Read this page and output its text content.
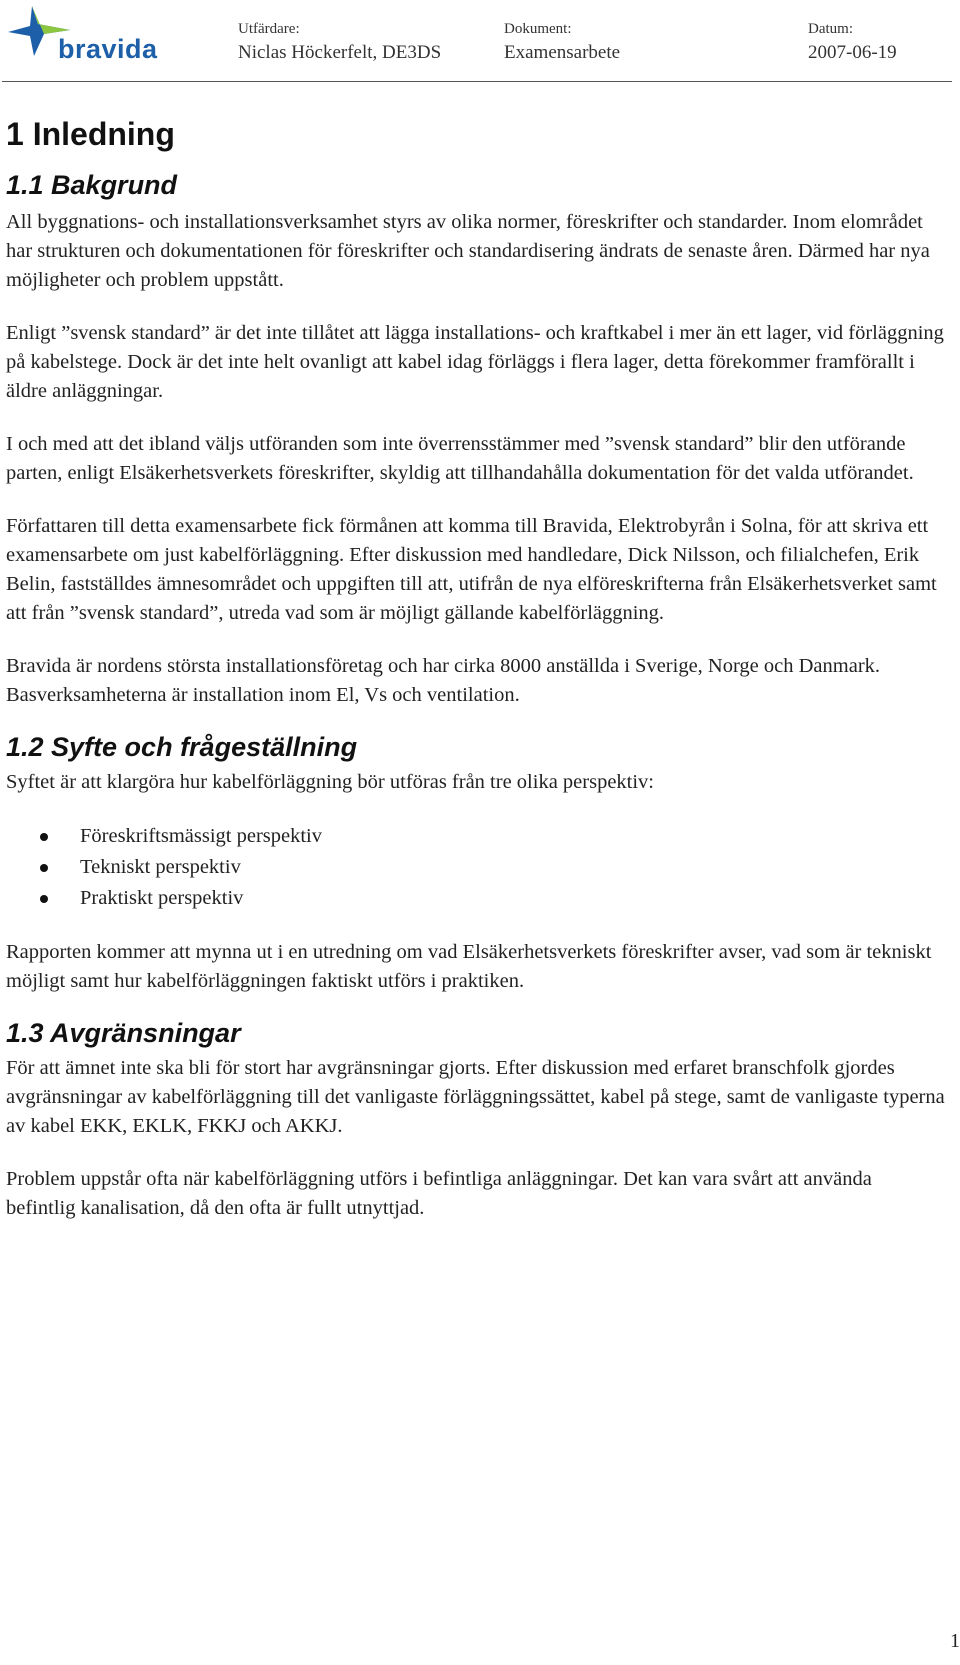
bravida
Utfärdare:
Niclas Höckerfelt, DE3DS
Dokument:
Examensarbete
Datum:
2007-06-19
1 Inledning
1.1 Bakgrund

All byggnations- och installationsverksamhet styrs av olika normer, föreskrifter och standarder. Inom elområdet har strukturen och dokumentationen för föreskrifter och standardisering ändrats de senaste åren. Därmed har nya möjligheter och problem uppstått.

Enligt ”svensk standard” är det inte tillåtet att lägga installations- och kraftkabel i mer än ett lager, vid förläggning på kabelstege. Dock är det inte helt ovanligt att kabel idag förläggs i flera lager, detta förekommer framförallt i äldre anläggningar.

I och med att det ibland väljs utföranden som inte överrensstämmer med ”svensk standard” blir den utförande parten, enligt Elsäkerhetsverkets föreskrifter, skyldig att tillhandahålla dokumentation för det valda utförandet.

Författaren till detta examensarbete fick förmånen att komma till Bravida, Elektrobyrån i Solna, för att skriva ett examensarbete om just kabelförläggning. Efter diskussion med handledare, Dick Nilsson, och filialchefen, Erik Belin, fastställdes ämnesområdet och uppgiften till att, utifrån de nya elföreskrifterna från Elsäkerhetsverket samt att från ”svensk standard”, utreda vad som är möjligt gällande kabelförläggning.

Bravida är nordens största installationsföretag och har cirka 8000 anställda i Sverige, Norge och Danmark. Basverksamheterna är installation inom El, Vs och ventilation.

1.2 Syfte och frågeställning

Syftet är att klargöra hur kabelförläggning bör utföras från tre olika perspektiv:

Föreskriftsmässigt perspektiv
Tekniskt perspektiv
Praktiskt perspektiv

Rapporten kommer att mynna ut i en utredning om vad Elsäkerhetsverkets föreskrifter avser, vad som är tekniskt möjligt samt hur kabelförläggningen faktiskt utförs i praktiken.

1.3 Avgränsningar

För att ämnet inte ska bli för stort har avgränsningar gjorts. Efter diskussion med erfaret branschfolk gjordes avgränsningar av kabelförläggning till det vanligaste förläggningssättet, kabel på stege, samt de vanligaste typerna av kabel EKK, EKLK, FKKJ och AKKJ.

Problem uppstår ofta när kabelförläggning utförs i befintliga anläggningar. Det kan vara svårt att använda befintlig kanalisation, då den ofta är fullt utnyttjad.

1
